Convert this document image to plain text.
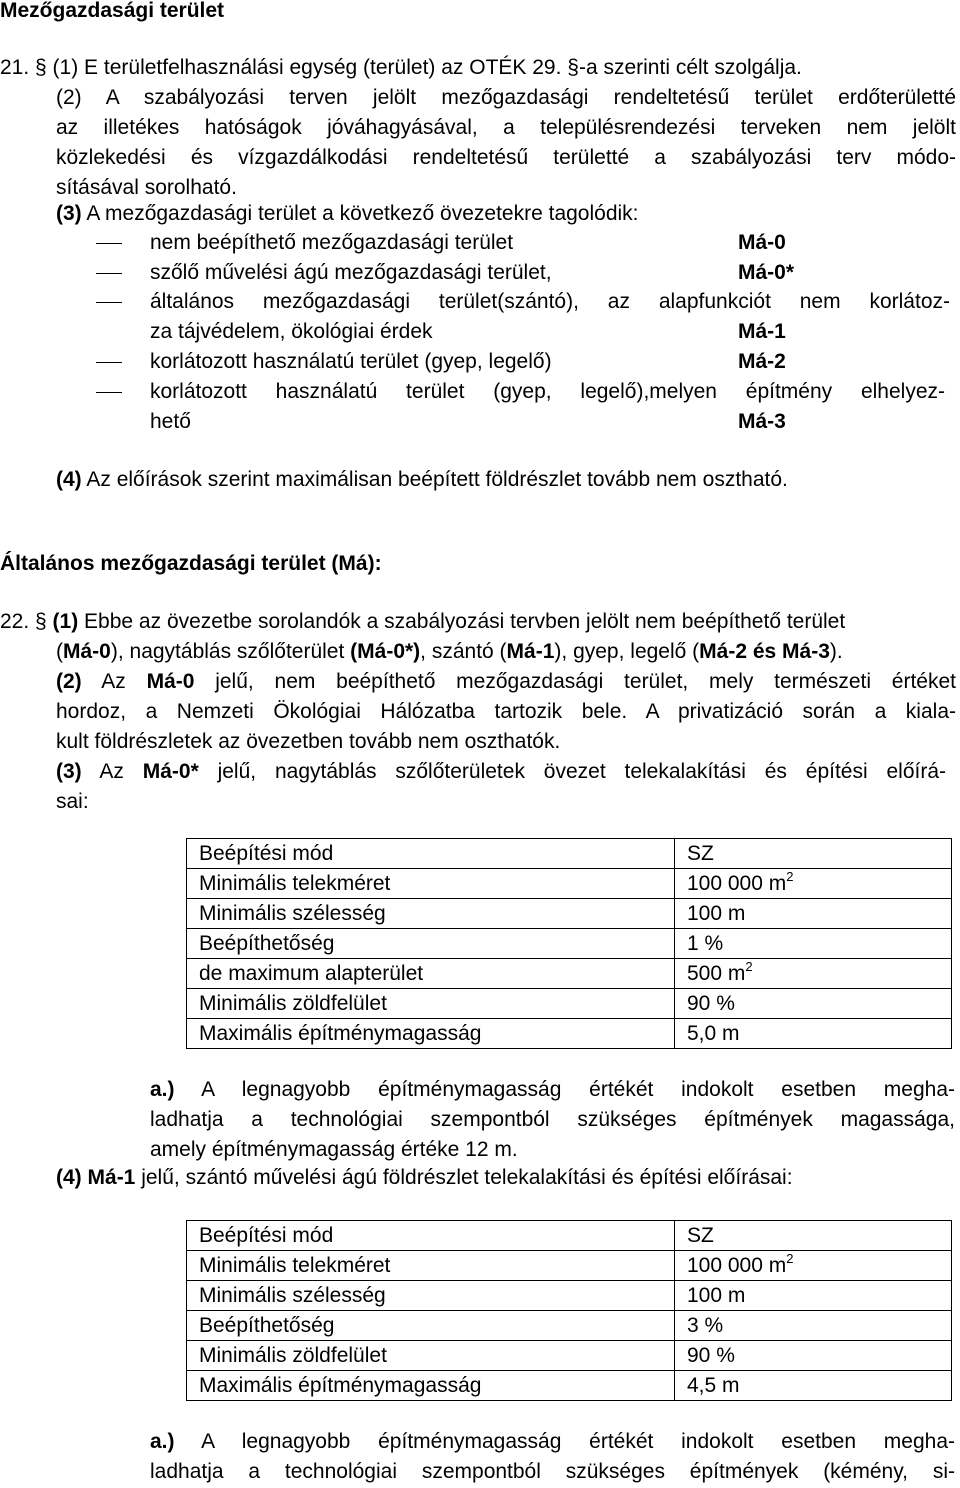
Mezőgazdasági terület
21. § (1) E területfelhasználási egység (terület) az OTÉK 29. §-a szerinti célt szolgálja.
(2) A szabályozási terven jelölt mezőgazdasági rendeltetésű terület erdőterületté
az illetékes hatóságok jóváhagyásával, a településrendezési terveken nem jelölt
közlekedési és vízgazdálkodási rendeltetésű területté a szabályozási terv módo-
sításával sorolható.
(3) A mezőgazdasági terület a következő övezetekre tagolódik:
nem beépíthető mezőgazdasági terület	Má-0
szőlő művelési ágú mezőgazdasági terület,	Má-0*
általános mezőgazdasági terület(szántó), az alapfunkciót nem korlátoz-
za tájvédelem, ökológiai érdek	Má-1
korlátozott használatú terület (gyep, legelő)	Má-2
korlátozott használatú terület (gyep, legelő),melyen építmény elhelyez-
hető	Má-3
(4) Az előírások szerint maximálisan beépített földrészlet tovább nem osztható.
Általános mezőgazdasági terület (Má):
22. § (1) Ebbe az övezetbe sorolandók a szabályozási tervben jelölt nem beépíthető terület
(Má-0), nagytáblás szőlőterület (Má-0*), szántó (Má-1), gyep, legelő (Má-2 és Má-3).
(2) Az Má-0 jelű, nem beépíthető mezőgazdasági terület, mely természeti értéket
hordoz, a Nemzeti Ökológiai Hálózatba tartozik bele. A privatizáció során a kiala-
kult földrészletek az övezetben tovább nem oszthatók.
(3) Az Má-0* jelű, nagytáblás szőlőterületek övezet telekalakítási és építési előírá-
sai:
Beépítési mód	SZ
Minimális telekméret	100 000 $m^2$
Minimális szélesség	100 m
Beépíthetőség	1 %
de maximum alapterület	500 $m^2$
Minimális zöldfelület	90 %
Maximális építménymagasság	5,0 m
a.) A legnagyobb építménymagasság értékét indokolt esetben megha-
ladhatja a technológiai szempontból szükséges építmények magassága,
amely építménymagasság értéke 12 m.
(4) Má-1 jelű, szántó művelési ágú földrészlet telekalakítási és építési előírásai:
Beépítési mód	SZ
Minimális telekméret	100 000 $m^2$
Minimális szélesség	100 m
Beépíthetőség	3 %
Minimális zöldfelület	90 %
Maximális építménymagasság	4,5 m
a.) A legnagyobb építménymagasság értékét indokolt esetben megha-
ladhatja a technológiai szempontból szükséges építmények (kémény, si-
